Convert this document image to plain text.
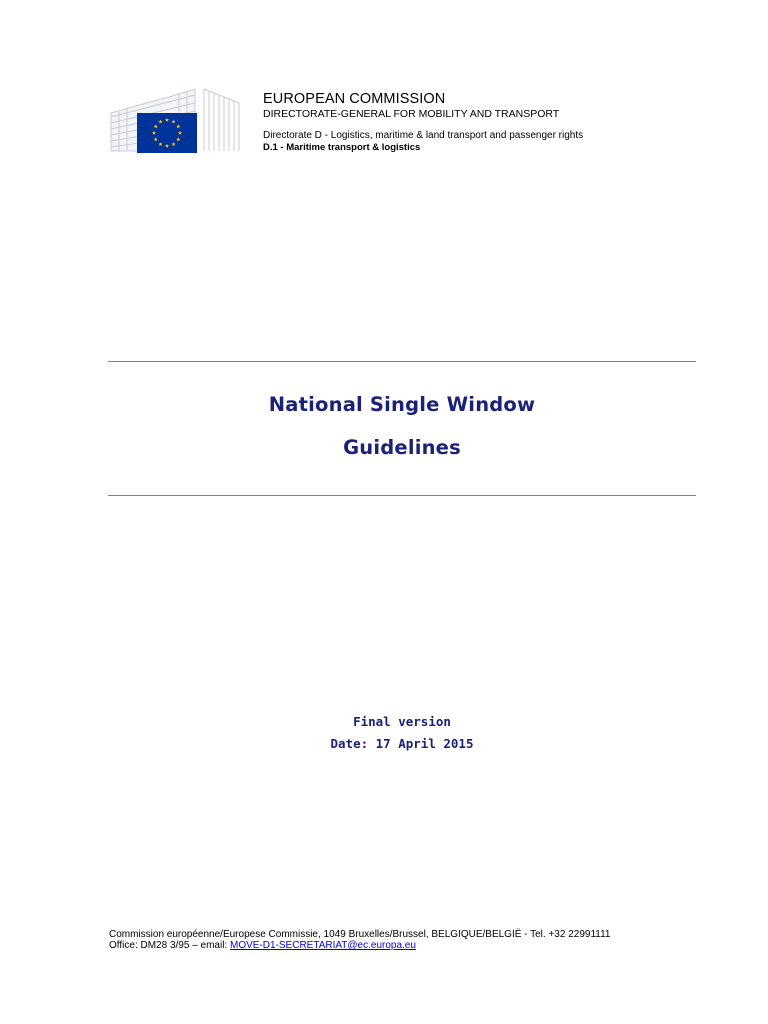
EUROPEAN COMMISSION
DIRECTORATE-GENERAL FOR MOBILITY AND TRANSPORT
Directorate D - Logistics, maritime & land transport and passenger rights
D.1 - Maritime transport & logistics
National Single Window
Guidelines
Final version
Date: 17 April 2015
Commission européenne/Europese Commissie, 1049 Bruxelles/Brussel, BELGIQUE/BELGIË - Tel. +32 22991111
Office: DM28 3/95 – email: MOVE-D1-SECRETARIAT@ec.europa.eu
